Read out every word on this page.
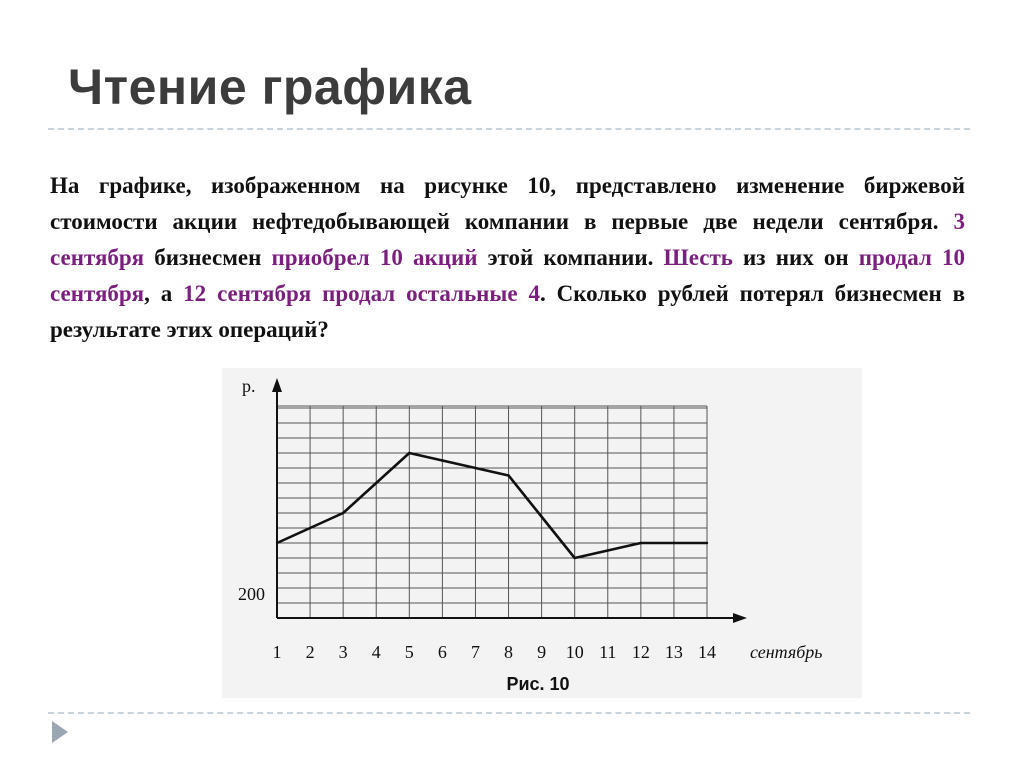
Чтение графика
На графике, изображенном на рисунке 10, представлено изменение биржевой стоимости акции нефтедобывающей компании в первые две недели сентября. 3 сентября бизнесмен приобрел 10 акций этой компании. Шесть из них он продал 10 сентября, а 12 сентября продал остальные 4. Сколько рублей потерял бизнесмен в результате этих операций?
1 2 3 4 5 6 7 8 9 10 11 12 13 14
200
р.
сентябрь
Рис. 10
